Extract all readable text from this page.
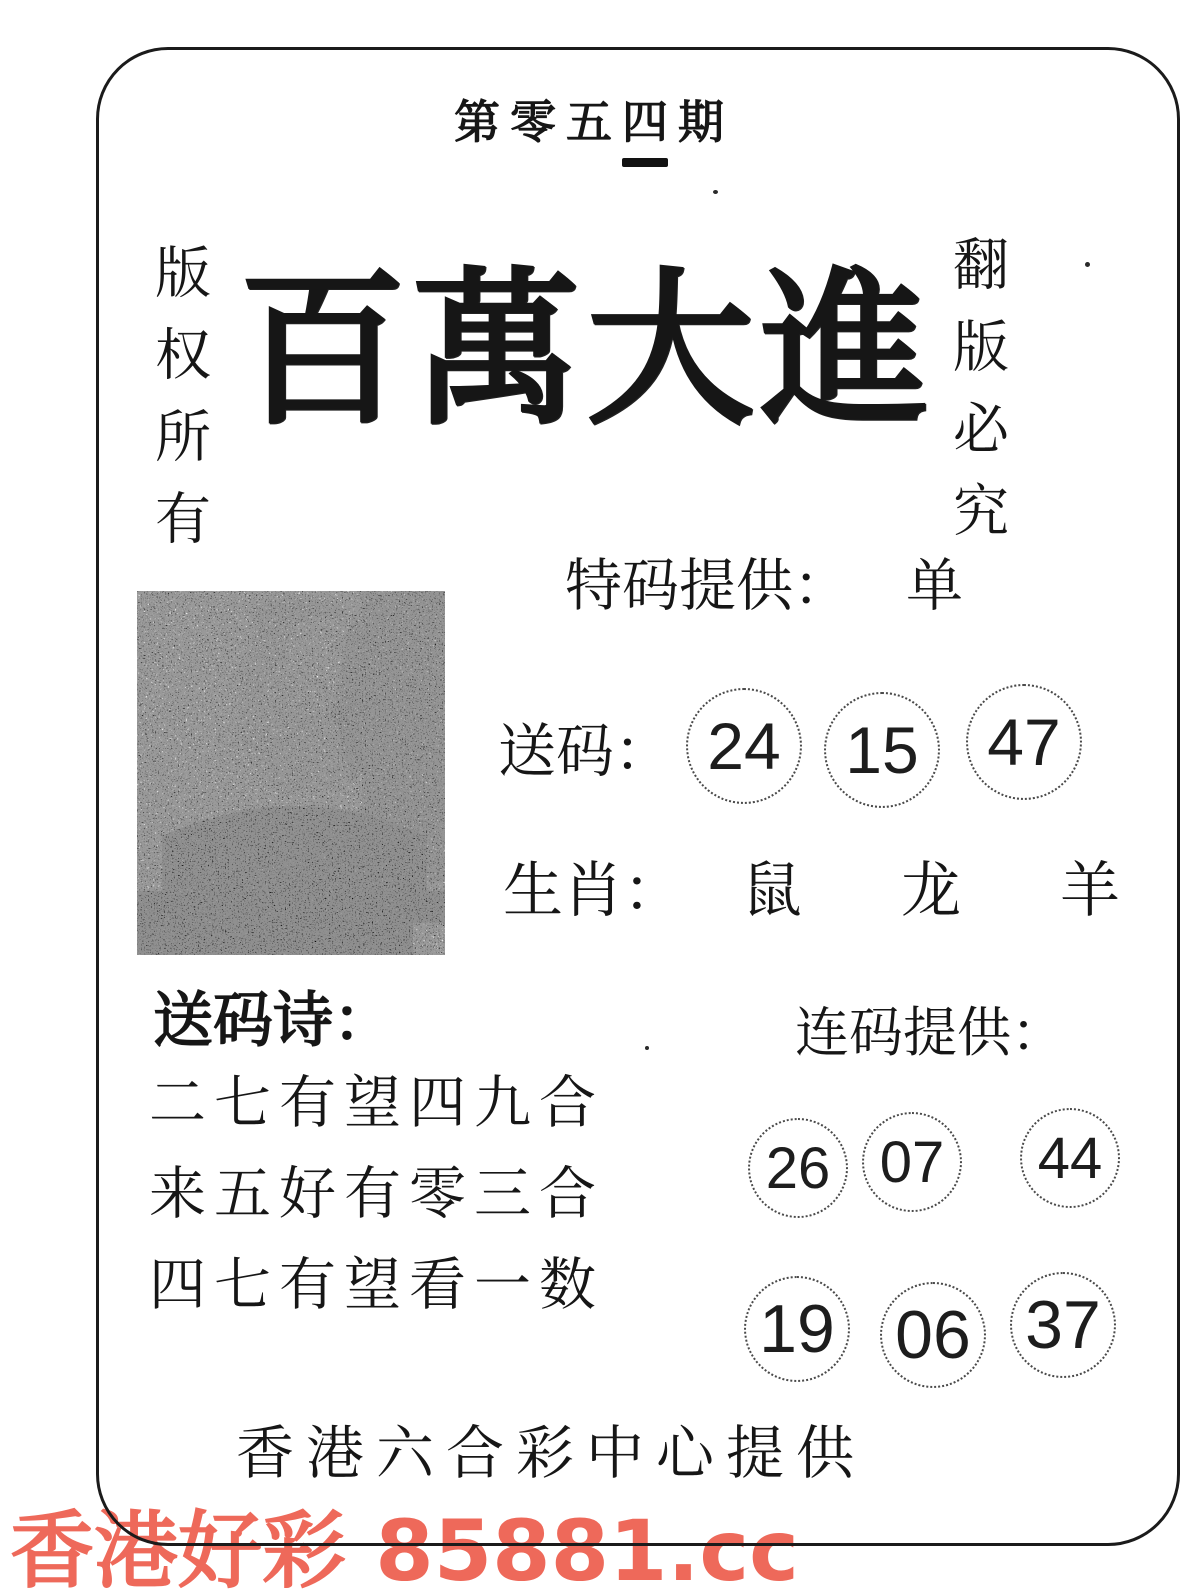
第零五四期
版权所有	翻版必究
百萬大進
特码提供： 单
送码： 24 15	47
生肖： 鼠 龙 羊
送码诗：
二七有望四九合
来五好有零三合
四七有望看一数
连码提供：
26 07	44
19 06 37
香港六合彩中心提供
香港好彩 85881.cc
